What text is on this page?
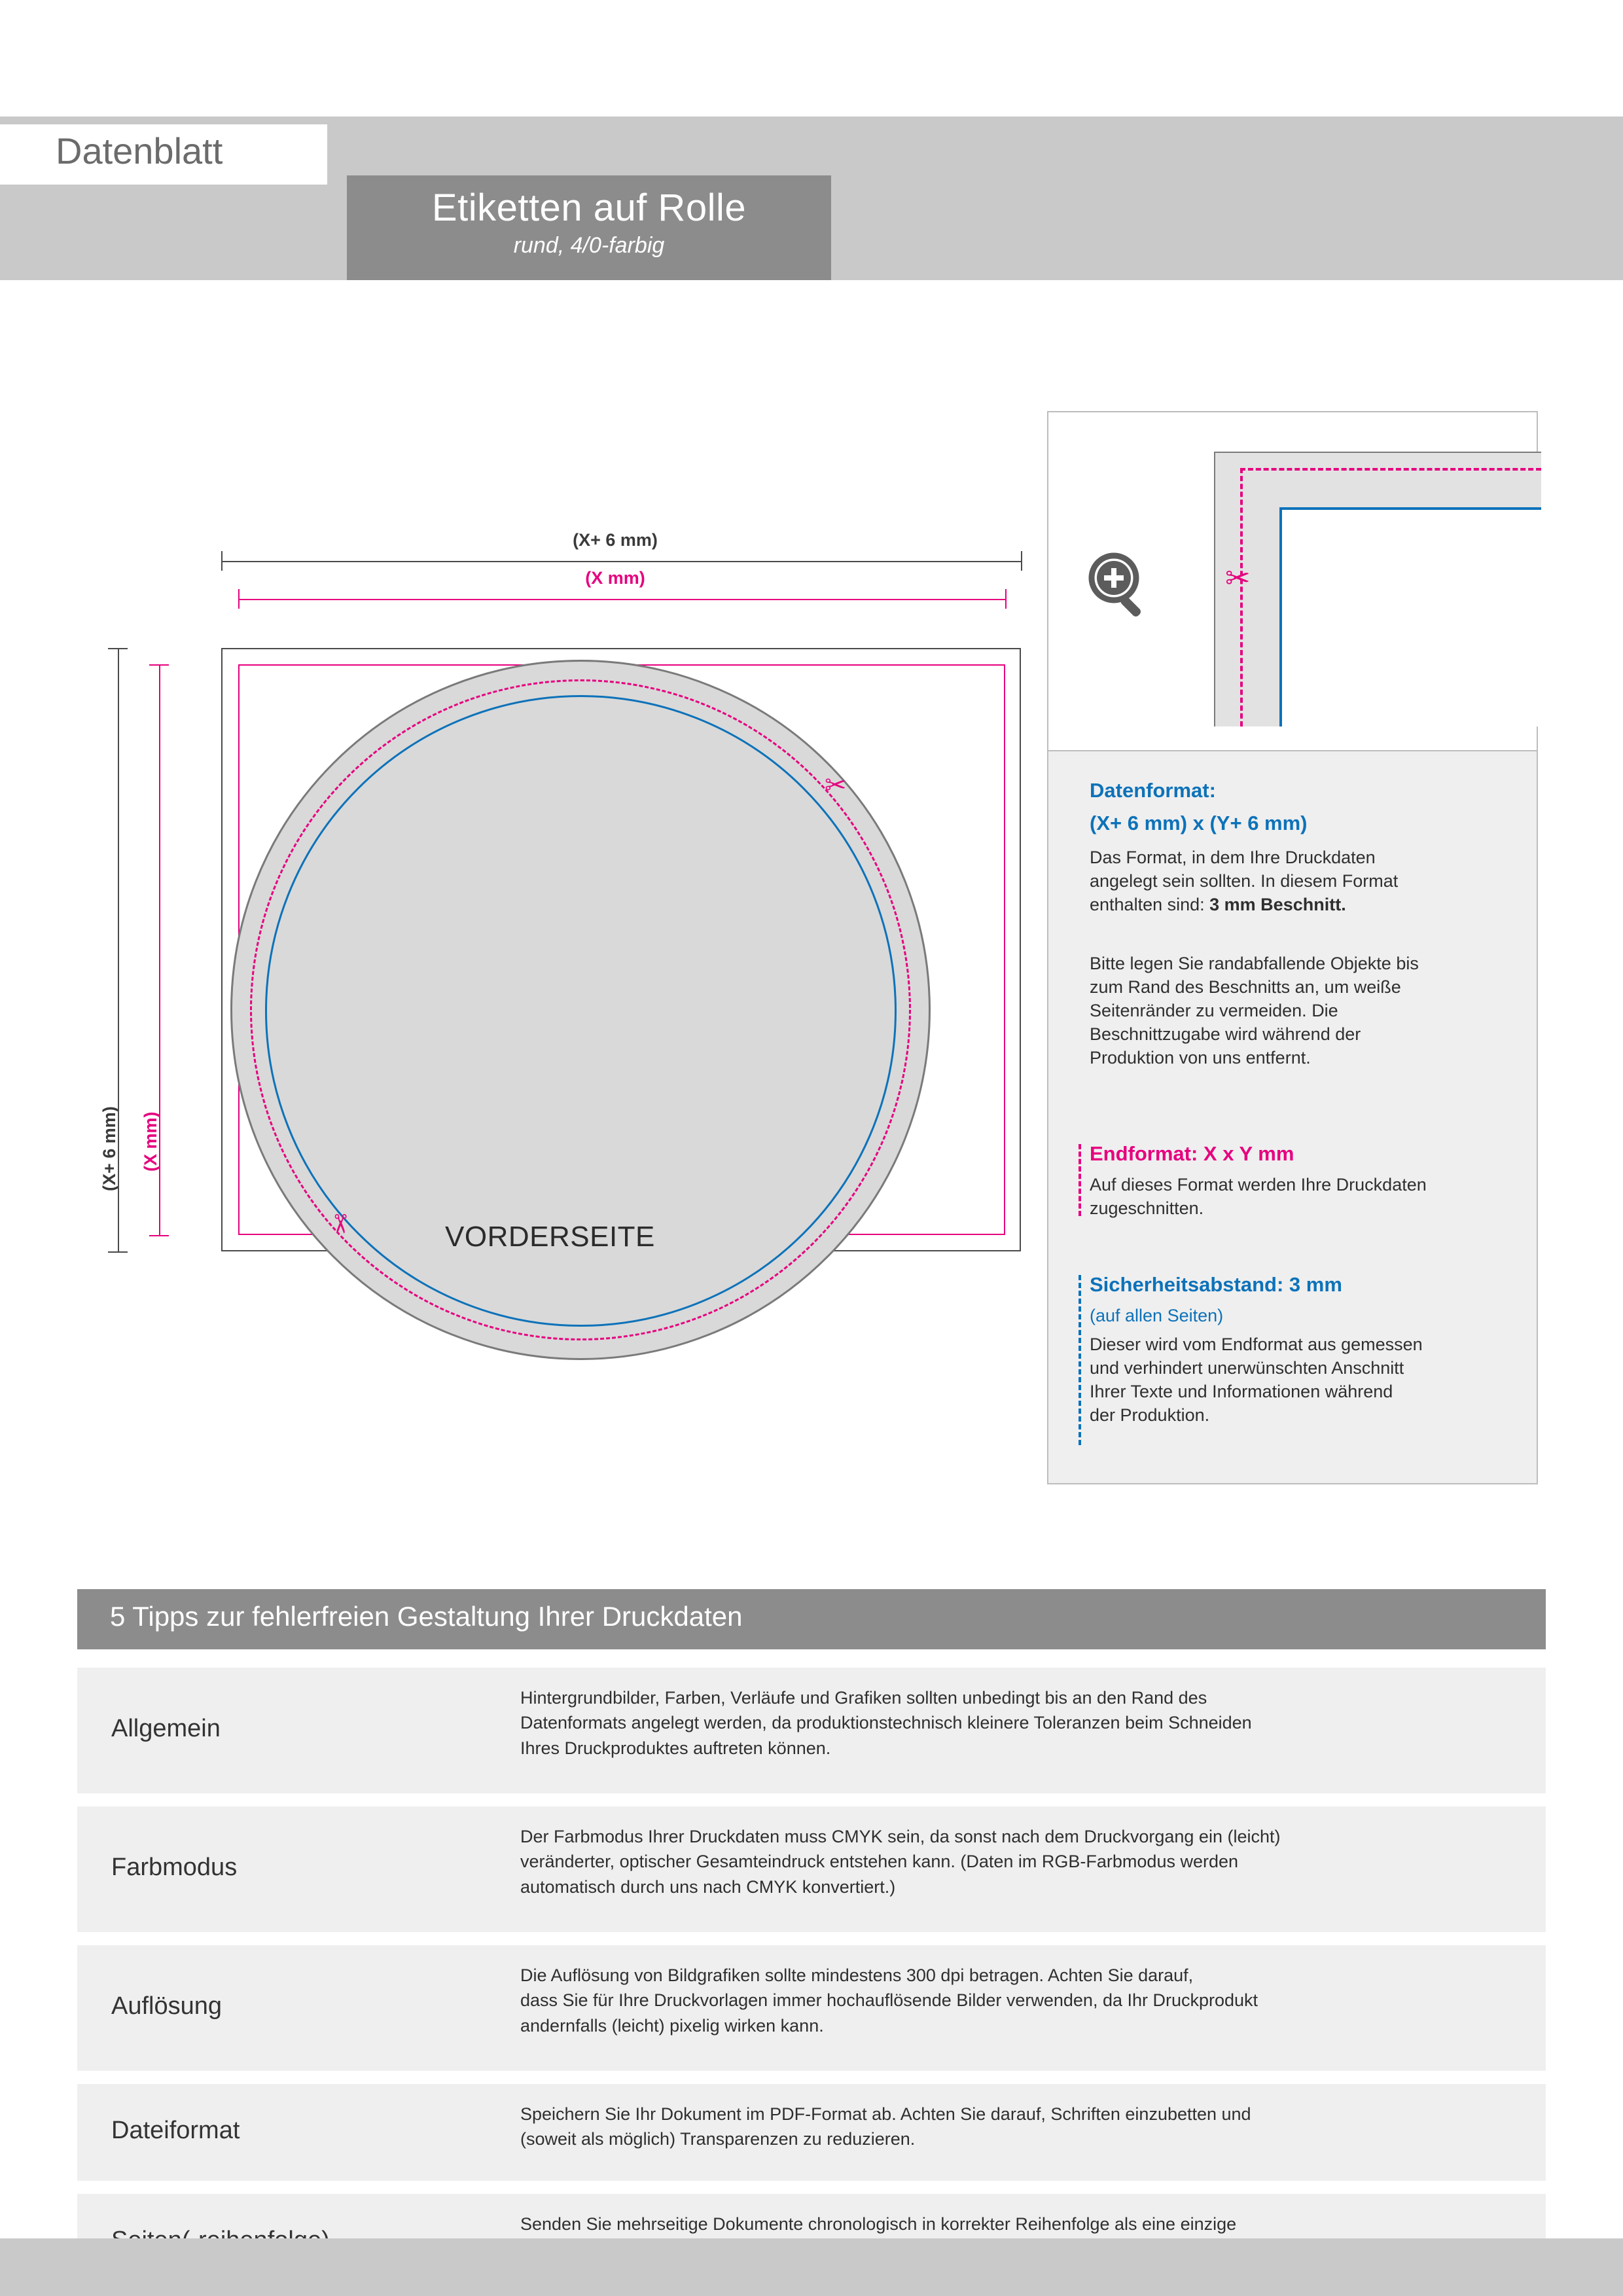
Datenblatt
Etiketten auf Rolle
rund, 4/0-farbig
(X+ 6 mm)
(X mm)
(X+ 6 mm) (X mm)
VORDERSEITE
✂
✂
✂
Datenformat:
(X+ 6 mm) x (Y+ 6 mm)
Das Format, in dem Ihre Druckdaten
angelegt sein sollten. In diesem Format
enthalten sind: 3 mm Beschnitt.
Bitte legen Sie randabfallende Objekte bis
zum Rand des Beschnitts an, um weiße
Seitenränder zu vermeiden. Die
Beschnittzugabe wird während der
Produktion von uns entfernt.
Endformat: X x Y mm
Auf dieses Format werden Ihre Druckdaten
zugeschnitten.
Sicherheitsabstand: 3 mm
(auf allen Seiten)
Dieser wird vom Endformat aus gemessen
und verhindert unerwünschten Anschnitt
Ihrer Texte und Informationen während
der Produktion.
5 Tipps zur fehlerfreien Gestaltung Ihrer Druckdaten
Allgemein
Hintergrundbilder, Farben, Verläufe und Grafiken sollten unbedingt bis an den Rand des
Datenformats angelegt werden, da produktionstechnisch kleinere Toleranzen beim Schneiden
Ihres Druckproduktes auftreten können.
Farbmodus
Der Farbmodus Ihrer Druckdaten muss CMYK sein, da sonst nach dem Druckvorgang ein (leicht)
veränderter, optischer Gesamteindruck entstehen kann. (Daten im RGB-Farbmodus werden
automatisch durch uns nach CMYK konvertiert.)
Auflösung
Die Auflösung von Bildgrafiken sollte mindestens 300 dpi betragen. Achten Sie darauf,
dass Sie für Ihre Druckvorlagen immer hochauflösende Bilder verwenden, da Ihr Druckprodukt
andernfalls (leicht) pixelig wirken kann.
Dateiformat
Speichern Sie Ihr Dokument im PDF-Format ab. Achten Sie darauf, Schriften einzubetten und
(soweit als möglich) Transparenzen zu reduzieren.
Senden Sie mehrseitige Dokumente chronologisch in korrekter Reihenfolge als eine einzige
